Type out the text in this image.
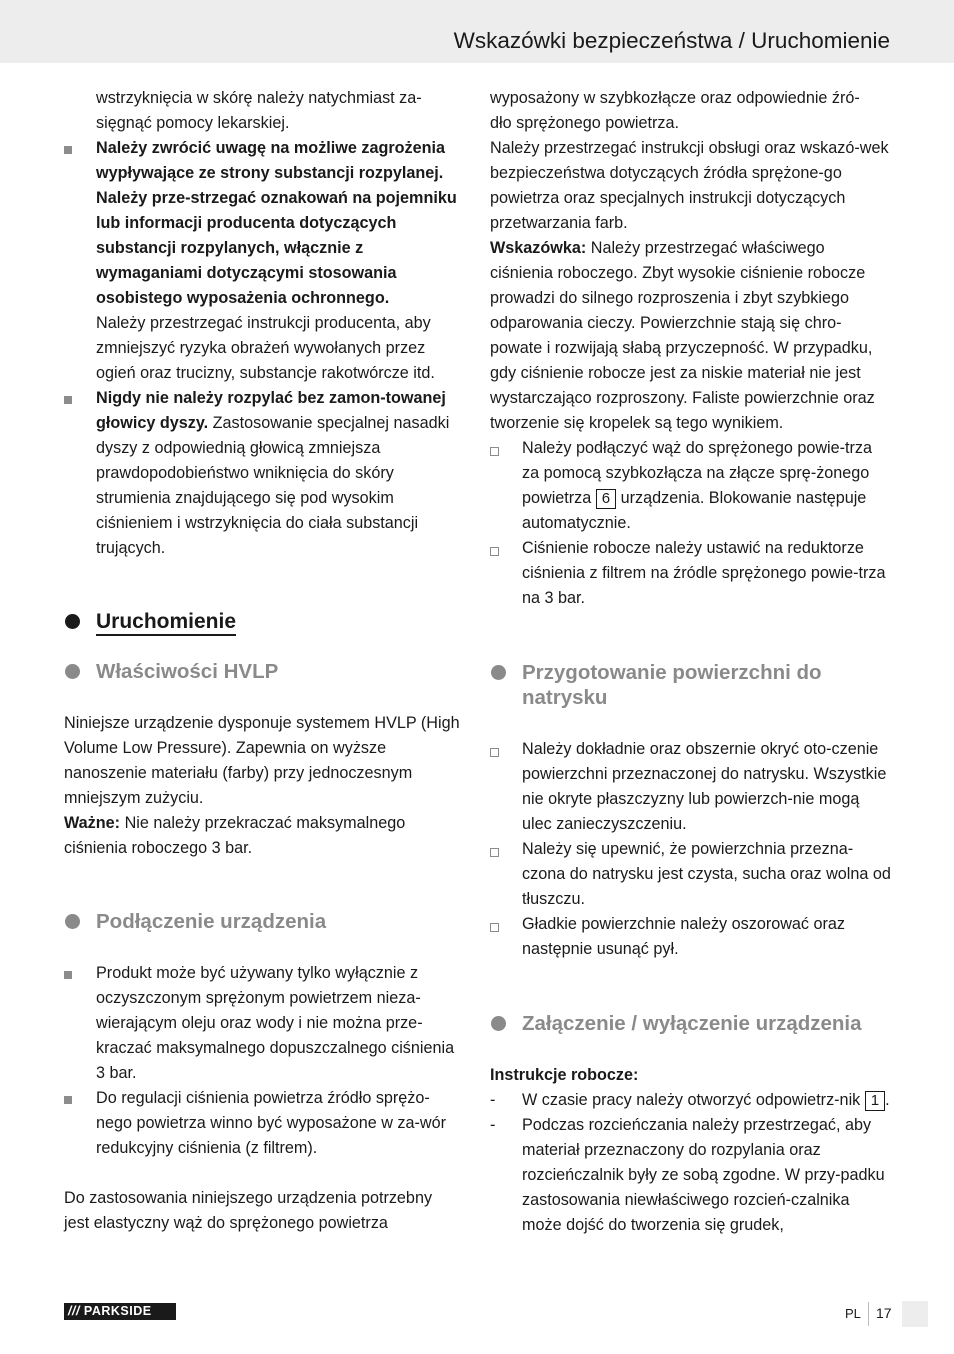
Wskazówki bezpieczeństwa / Uruchomienie

wstrzyknięcia w skórę należy natychmiast za-
sięgnąć pomocy lekarskiej.

Należy zwrócić uwagę na możliwe zagrożenia wypływające ze strony substancji rozpylanej. Należy prze-strzegać oznakowań na pojemniku lub informacji producenta dotyczących substancji rozpylanych, włącznie z wymaganiami dotyczącymi stosowania osobistego wyposażenia ochronnego.

Należy przestrzegać instrukcji producenta, aby zmniejszyć ryzyka obrażeń wywołanych przez ogień oraz trucizny, substancje rakotwórcze itd.

Nigdy nie należy rozpylać bez zamon-towanej głowicy dyszy. Zastosowanie specjalnej nasadki dyszy z odpowiednią głowicą zmniejsza prawdopodobieństwo wniknięcia do skóry strumienia znajdującego się pod wysokim ciśnieniem i wstrzyknięcia do ciała substancji trujących.

Uruchomienie
Właściwości HVLP

Niniejsze urządzenie dysponuje systemem HVLP (High Volume Low Pressure). Zapewnia on wyższe nanoszenie materiału (farby) przy jednoczesnym mniejszym zużyciu.

Ważne: Nie należy przekraczać maksymalnego ciśnienia roboczego 3 bar.

Podłączenie urządzenia

Produkt może być używany tylko wyłącznie z oczyszczonym sprężonym powietrzem nieza-wierającym oleju oraz wody i nie można prze-kraczać maksymalnego dopuszczalnego ciśnienia 3 bar.

Do regulacji ciśnienia powietrza źródło sprężo-nego powietrza winno być wyposażone w za-wór redukcyjny ciśnienia (z filtrem).

Do zastosowania niniejszego urządzenia potrzebny
jest elastyczny wąż do sprężonego powietrza

wyposażony w szybkozłącze oraz odpowiednie źró-
dło sprężonego powietrza.

Należy przestrzegać instrukcji obsługi oraz wskazó-wek bezpieczeństwa dotyczących źródła sprężone-go powietrza oraz specjalnych instrukcji dotyczących przetwarzania farb.

Wskazówka: Należy przestrzegać właściwego ciśnienia roboczego. Zbyt wysokie ciśnienie robocze prowadzi do silnego rozproszenia i zbyt szybkiego odparowania cieczy. Powierzchnie stają się chro-powate i rozwijają słabą przyczepność. W przypadku, gdy ciśnienie robocze jest za niskie materiał nie jest wystarczająco rozproszony. Faliste powierzchnie oraz tworzenie się kropelek są tego wynikiem.

Należy podłączyć wąż do sprężonego powie-trza za pomocą szybkozłącza na złącze sprę-żonego powietrza 6 urządzenia. Blokowanie następuje automatycznie.

Ciśnienie robocze należy ustawić na reduktorze ciśnienia z filtrem na źródle sprężonego powie-trza na 3 bar.

Przygotowanie powierzchni do natrysku

Należy dokładnie oraz obszernie okryć oto-czenie powierzchni przeznaczonej do natrysku. Wszystkie nie okryte płaszczyzny lub powierzch-nie mogą ulec zanieczyszczeniu.

Należy się upewnić, że powierzchnia przezna-czona do natrysku jest czysta, sucha oraz wolna od tłuszczu.

Gładkie powierzchnie należy oszorować oraz następnie usunąć pył.

Załączenie / wyłączenie urządzenia

Instrukcje robocze:

- W czasie pracy należy otworzyć odpowietrz-nik 1 .

- Podczas rozcieńczania należy przestrzegać, aby materiał przeznaczony do rozpylania oraz rozcieńczalnik były ze sobą zgodne. W przy-padku zastosowania niewłaściwego rozcień-czalnika może dojść do tworzenia się grudek,

/// PARKSIDE	PL 17
